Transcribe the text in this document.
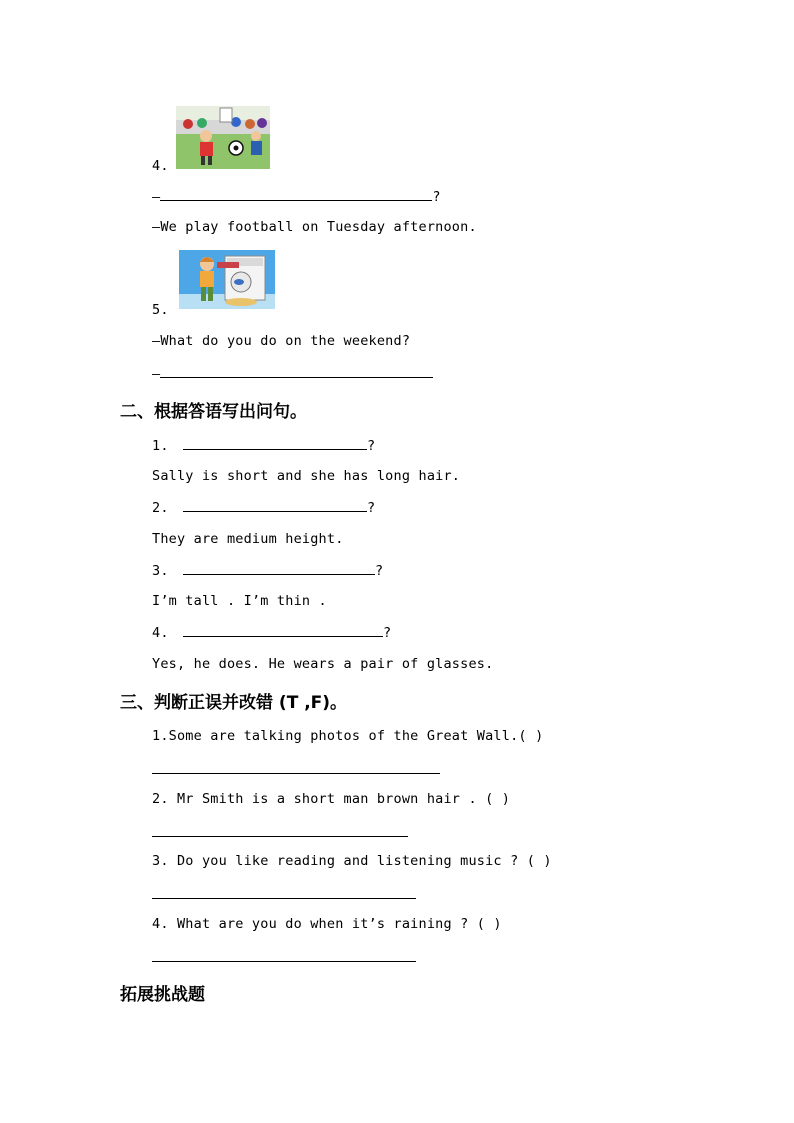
4.
—	?
—We play football on Tuesday afternoon.
5.
—What do you do on the weekend?
—
二、根据答语写出问句。
1.	?
Sally is short and she has long hair.
2.	?
They are medium height.
3.	?
I’m tall . I’m thin .
4.	?
Yes, he does. He wears a pair of glasses.
三、判断正误并改错 (T ,F)。
1.Some are talking photos of the Great Wall.( )
2. Mr Smith is a short man brown hair . ( )
3. Do you like reading and listening music ? ( )
4. What are you do when it’s raining ? ( )
拓展挑战题
